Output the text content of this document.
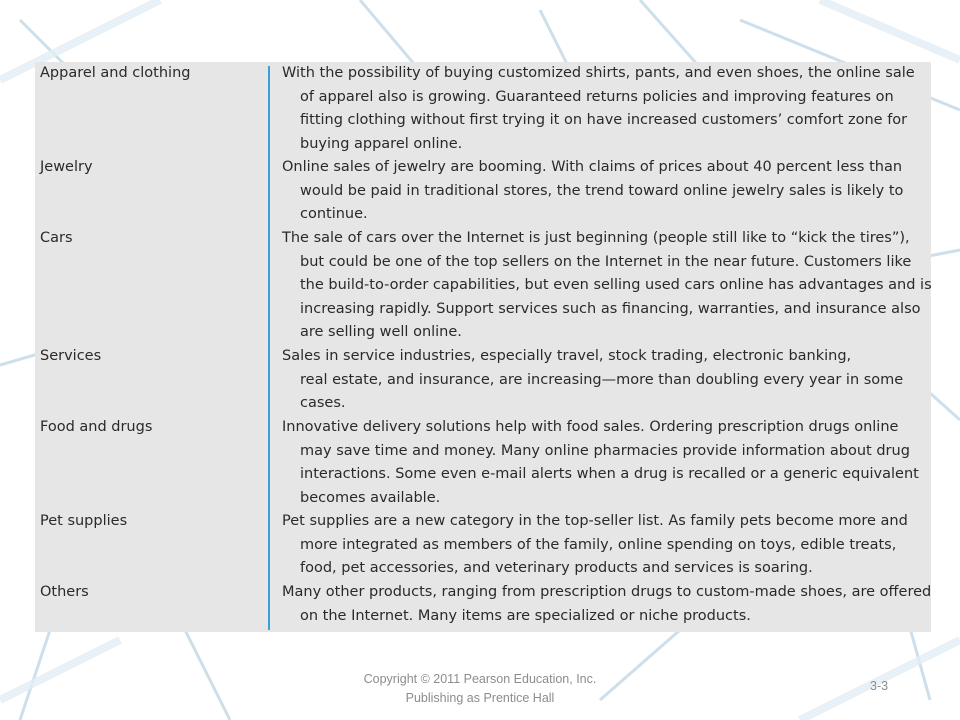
Apparel and clothing	With the possibility of buying customized shirts, pants, and even shoes, the online sale
of apparel also is growing. Guaranteed returns policies and improving features on
fitting clothing without first trying it on have increased customers’ comfort zone for
buying apparel online.
Jewelry	Online sales of jewelry are booming. With claims of prices about 40 percent less than
would be paid in traditional stores, the trend toward online jewelry sales is likely to
continue.
Cars	The sale of cars over the Internet is just beginning (people still like to “kick the tires”),
but could be one of the top sellers on the Internet in the near future. Customers like
the build-to-order capabilities, but even selling used cars online has advantages and is
increasing rapidly. Support services such as financing, warranties, and insurance also
are selling well online.
Services	Sales in service industries, especially travel, stock trading, electronic banking,
real estate, and insurance, are increasing—more than doubling every year in some
cases.
Food and drugs	Innovative delivery solutions help with food sales. Ordering prescription drugs online
may save time and money. Many online pharmacies provide information about drug
interactions. Some even e-mail alerts when a drug is recalled or a generic equivalent
becomes available.
Pet supplies	Pet supplies are a new category in the top-seller list. As family pets become more and
more integrated as members of the family, online spending on toys, edible treats,
food, pet accessories, and veterinary products and services is soaring.
Others	Many other products, ranging from prescription drugs to custom-made shoes, are offered
on the Internet. Many items are specialized or niche products.
Copyright © 2011 Pearson Education, Inc.
Publishing as Prentice Hall
3-3
